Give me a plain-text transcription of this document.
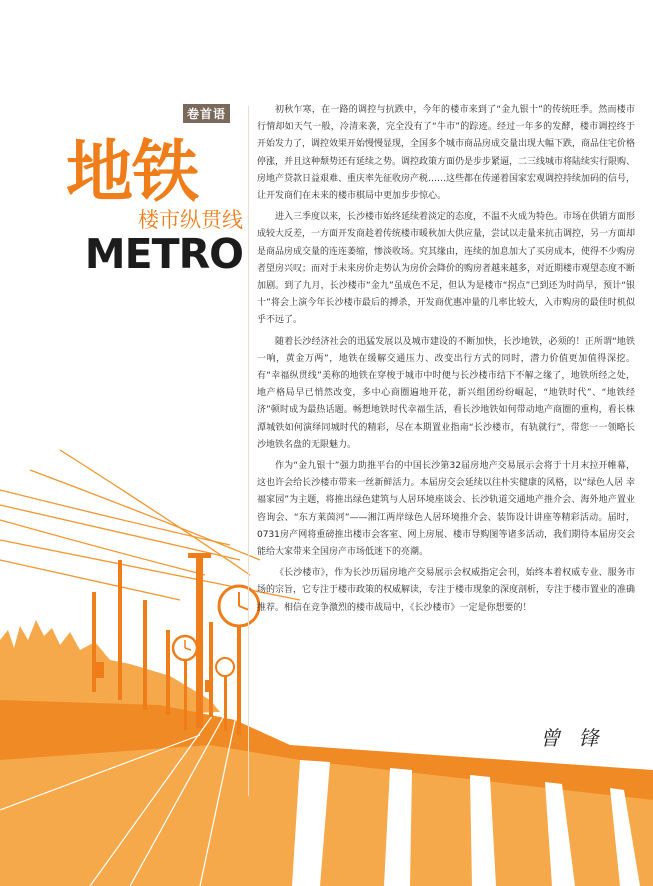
卷首语
地铁
楼市纵贯线
METRO

初秋乍寒，在一路的调控与抗跌中，今年的楼市来到了“金九银十”的传统旺季。然而楼市行情却如天气一般，冷清来袭，完全没有了“牛市”的踪迹。经过一年多的发酵，楼市调控终于开始发力了，调控效果开始慢慢显现，全国多个城市商品房成交量出现大幅下跌，商品住宅价格停涨，并且这种颓势还有延续之势。调控政策方面仍是步步紧逼，二三线城市将陆续实行限购、房地产贷款日益艰难、重庆率先征收房产税……这些都在传递着国家宏观调控持续加码的信号，让开发商们在未来的楼市棋局中更加步步惊心。

进入三季度以来，长沙楼市始终延续着淡定的态度，不温不火成为特色。市场在供销方面形成较大反差，一方面开发商趁着传统楼市暖秋加大供应量，尝试以走量来抗击调控，另一方面却是商品房成交量的连连萎缩，惨淡收场。究其缘由，连续的加息加大了买房成本，使得不少购房者望房兴叹；而对于未来房价走势认为房价会降价的购房者越来越多，对近期楼市观望态度不断加剧。到了九月，长沙楼市“金九”虽成色不足，但认为是楼市“拐点”已到还为时尚早，预计“银十”将会上演今年长沙楼市最后的搏杀，开发商优惠冲量的几率比较大，入市购房的最佳时机似乎不远了。

随着长沙经济社会的迅猛发展以及城市建设的不断加快，长沙地铁，必须的！正所谓“地铁一响，黄金万两”，地铁在缓解交通压力、改变出行方式的同时，潜力价值更加值得深挖。有“幸福纵贯线”美称的地铁在穿梭于城市中时便与长沙楼市结下不解之缘了，地铁所经之处，地产格局早已悄然改变，多中心商圈遍地开花，新兴组团纷纷崛起，“地铁时代”、“地铁经济”顿时成为最热话题。畅想地铁时代幸福生活，看长沙地铁如何带动地产商圈的重构，看长株潭城铁如何演绎同城时代的精彩，尽在本期置业指南“长沙楼市，有轨就行”，带您一一领略长沙地铁名盘的无限魅力。

作为“金九银十”强力助推平台的中国长沙第32届房地产交易展示会将于十月末拉开帷幕，这也许会给长沙楼市带来一丝新鲜活力。本届房交会延续以往朴实健康的风格，以“绿色人居 幸福家园”为主题，将推出绿色建筑与人居环境座谈会、长沙轨道交通地产推介会、海外地产置业咨询会、“东方莱茵河”——湘江两岸绿色人居环境推介会、装饰设计讲座等精彩活动。届时，0731房产网将重磅推出楼市会客室、网上房展、楼市导购图等诸多活动，我们期待本届房交会能给大家带来全国房产市场低迷下的亮潮。

《长沙楼市》，作为长沙历届房地产交易展示会权威指定会刊，始终本着权威专业、服务市场的宗旨，它专注于楼市政策的权威解读，专注于楼市现象的深度剖析，专注于楼市置业的准确推荐。相信在竞争激烈的楼市战局中，《长沙楼市》一定是你想要的！

曾 锋
